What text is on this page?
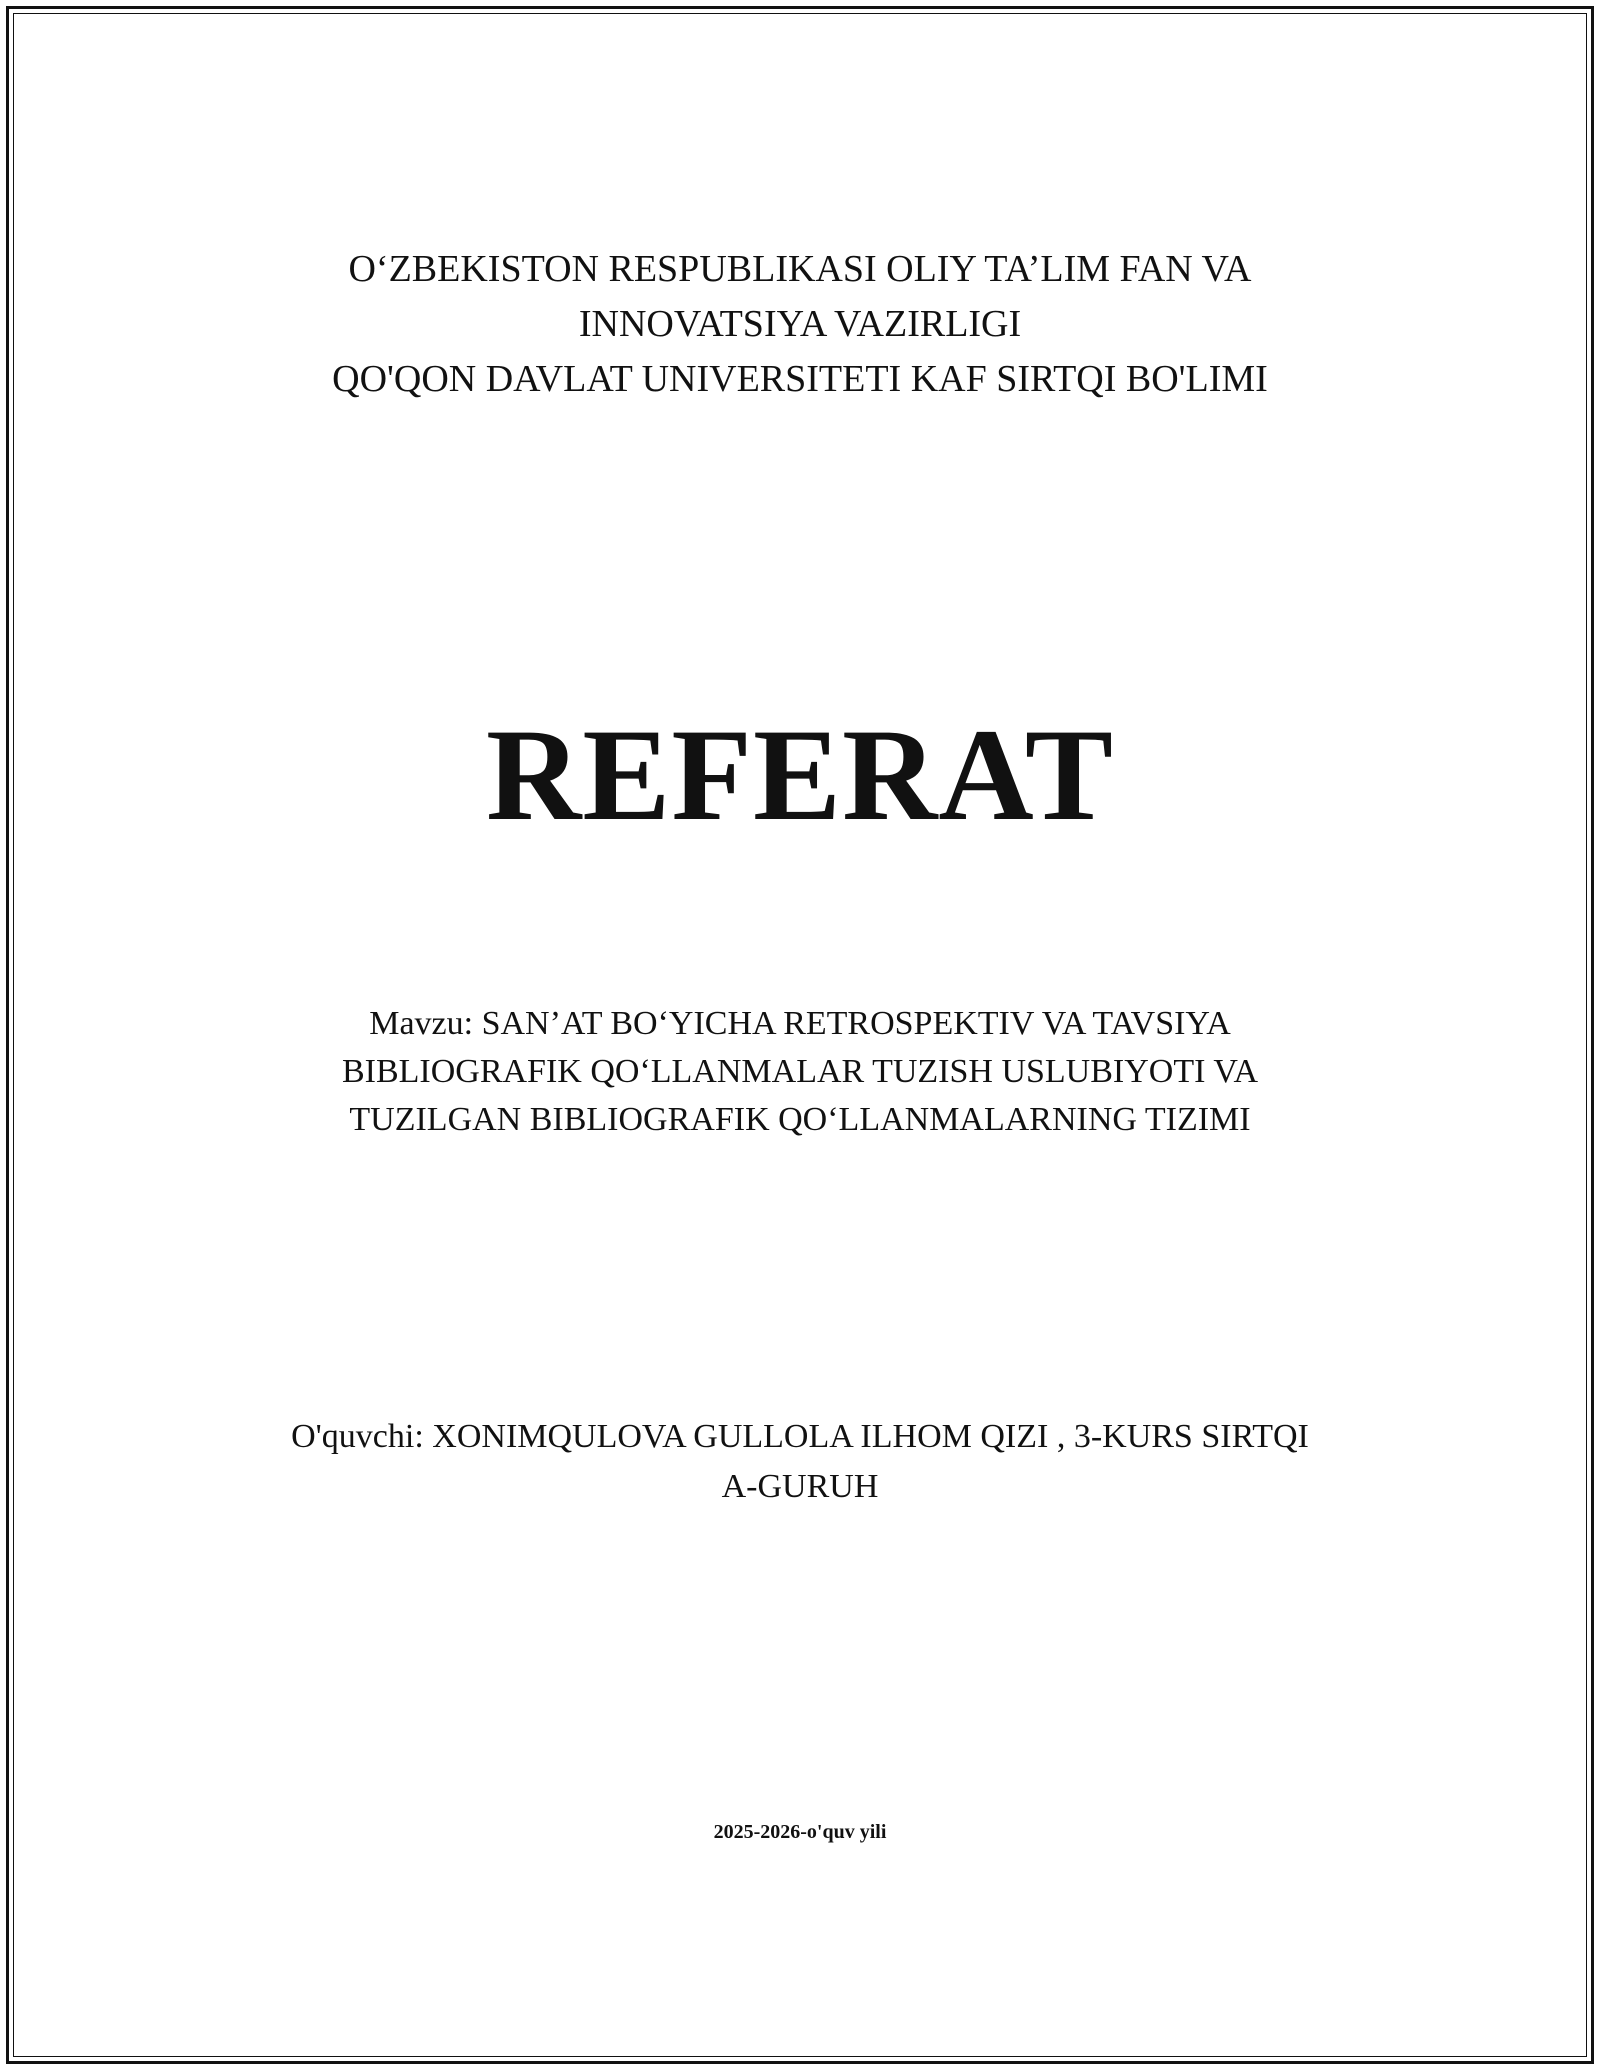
O‘ZBEKISTON RESPUBLIKASI OLIY TA’LIM FAN VA
INNOVATSIYA VAZIRLIGI
QO'QON DAVLAT UNIVERSITETI KAF SIRTQI BO'LIMI
REFERAT
Mavzu: SAN’AT BO‘YICHA RETROSPEKTIV VA TAVSIYA
BIBLIOGRAFIK QO‘LLANMALAR TUZISH USLUBIYOTI VA
TUZILGAN BIBLIOGRAFIK QO‘LLANMALARNING TIZIMI
O'quvchi: XONIMQULOVA GULLOLA ILHOM QIZI , 3-KURS SIRTQI
A-GURUH
2025-2026-o'quv yili
